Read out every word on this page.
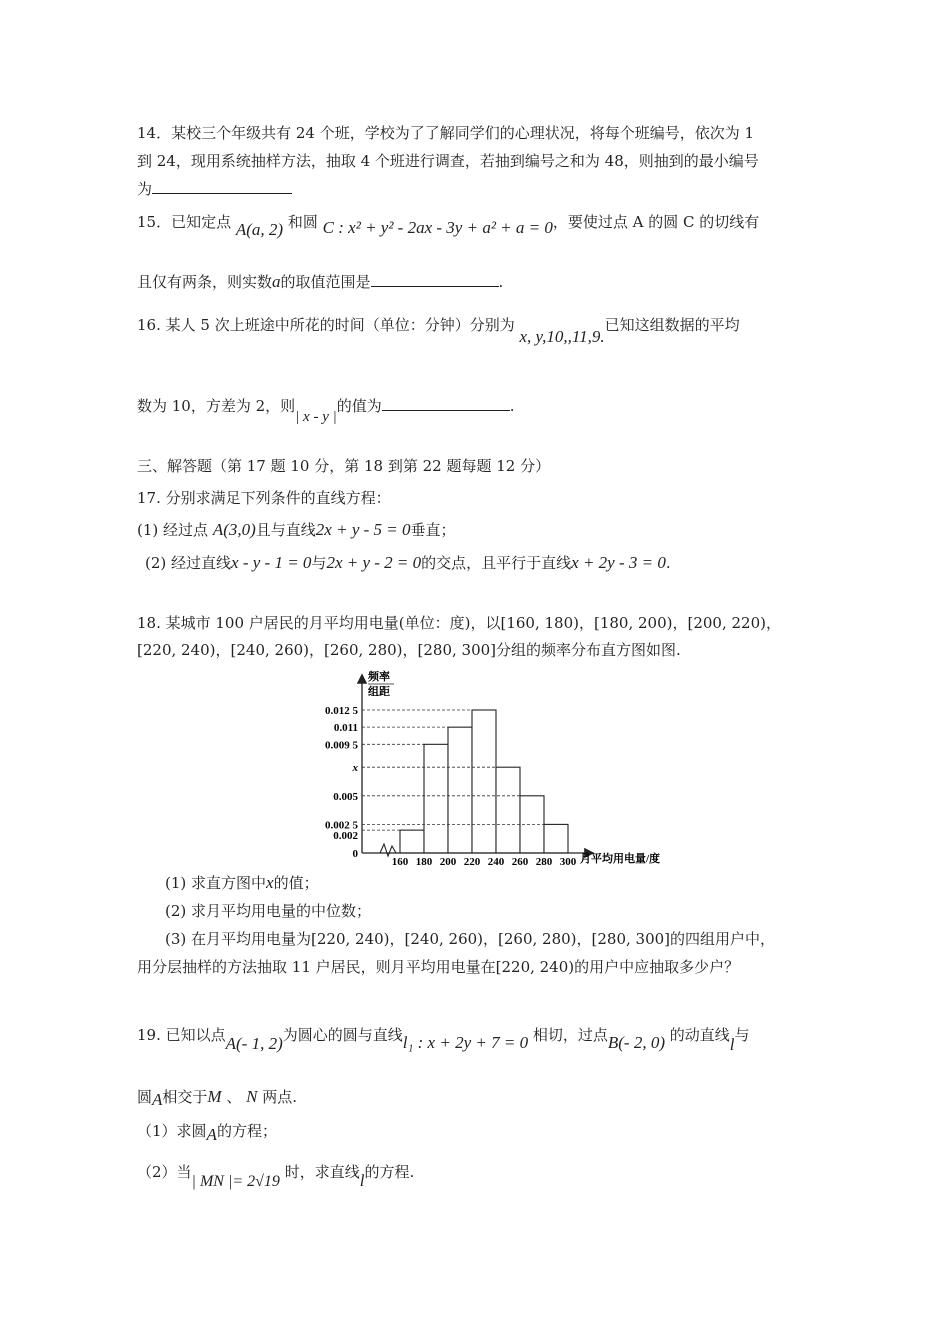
14．某校三个年级共有 24 个班，学校为了了解同学们的心理状况，将每个班编号，依次为 1
到 24，现用系统抽样方法，抽取 4 个班进行调查，若抽到编号之和为 48，则抽到的最小编号
为
15．已知定点 A(a, 2) 和圆 C : x² + y² - 2ax - 3y + a² + a = 0，要使过点 A 的圆 C 的切线有
且仅有两条，则实数a的取值范围是	.
16. 某人 5 次上班途中所花的时间（单位：分钟）分别为 x, y,10,,11,9.已知这组数据的平均
数为 10，方差为 2，则| x - y |的值为	.
三、解答题（第 17 题 10 分，第 18 到第 22 题每题 12 分）
17. 分别求满足下列条件的直线方程：
(1) 经过点 A(3,0)且与直线2x + y - 5 = 0垂直；
(2) 经过直线x - y - 1 = 0与2x + y - 2 = 0的交点，且平行于直线x + 2y - 3 = 0.
18. 某城市 100 户居民的月平均用电量(单位：度)，以[160, 180)，[180, 200)，[200, 220)，
[220, 240)，[240, 260)，[260, 280)，[280, 300]分组的频率分布直方图如图.
频率
组距
月平均用电量/度
0.012 5
0.011
0.009 5
x
0.005
0.002 5
0.002
0
160 180 200 220 240 260 280 300
(1) 求直方图中x的值；
(2) 求月平均用电量的中位数；
(3) 在月平均用电量为[220, 240)，[240, 260)，[260, 280)，[280, 300]的四组用户中，
用分层抽样的方法抽取 11 户居民，则月平均用电量在[220, 240)的用户中应抽取多少户？
19. 已知以点A(- 1, 2)为圆心的圆与直线l₁ : x + 2y + 7 = 0 相切，过点B(- 2, 0) 的动直线l与
圆A相交于M 、 N 两点.
（1）求圆A的方程；
（2）当| MN |= 2√19 时，求直线l的方程.
